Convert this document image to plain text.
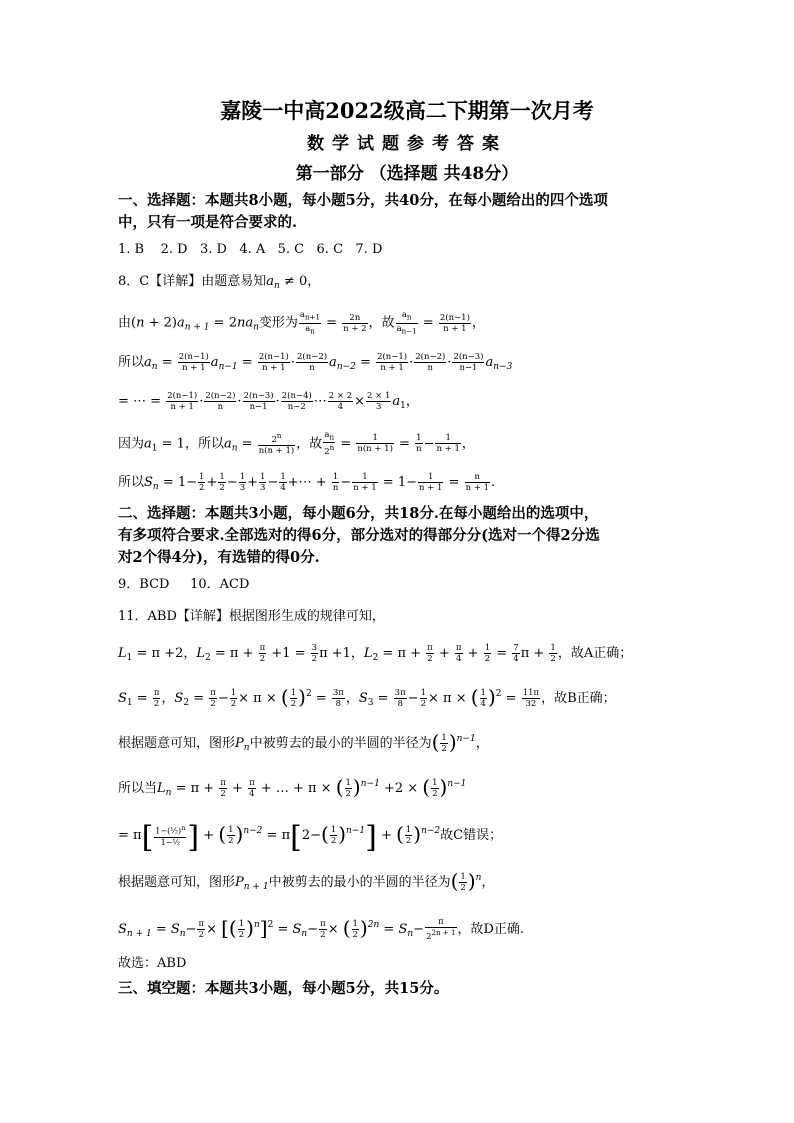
嘉陵一中高2022级高二下期第一次月考

数学试题参考答案

第一部分 （选择题 共48分）

一、选择题：本题共8小题，每小题5分，共40分，在每小题给出的四个选项

中，只有一项是符合要求的.

1. B    2. D   3. D   4. A   5. C   6. C   7. D

8．C【详解】由题意易知$a_n \ne 0$，

由$(n + 2)a_{n + 1} = 2na_n$变形为 $\frac{a_{n+1}}{a_n} = \frac{2n}{n + 2}$ ，故 $\frac{a_n}{a_{n-1}} = \frac{2(n-1)}{n + 1}$ ，

所以$a_n = \frac{2(n-1)}{n + 1} a_{n-1} = \frac{2(n-1)}{n + 1} \cdot \frac{2(n-2)}{n} a_{n-2} = \frac{2(n-1)}{n + 1} \cdot \frac{2(n-2)}{n} \cdot \frac{2(n-3)}{n-1} a_{n-3}$

= ⋯ = $\frac{2(n-1)}{n + 1} \cdot \frac{2(n-2)}{n} \cdot \frac{2(n-3)}{n-1} \cdot \frac{2(n-4)}{n-2}$ ⋯ $\frac{2 \times 2}{4} \times \frac{2 \times 1}{3} a_1$，

因为$a_1 = 1$，所以$a_n = \frac{2^n}{n(n + 1)}$ ，故 $\frac{a_n}{2^n} = \frac{1}{n(n + 1)} = \frac{1}{n} - \frac{1}{n + 1}$ ，

所以$S_n = 1- \frac{1}{2} + \frac{1}{2} - \frac{1}{3} + \frac{1}{3} - \frac{1}{4}$ +⋯ + $\frac{1}{n} - \frac{1}{n + 1} = 1- \frac{1}{n + 1} = \frac{n}{n + 1}$ .

二、选择题：本题共3小题，每小题6分，共18分.在每小题给出的选项中，

有多项符合要求.全部选对的得6分，部分选对的得部分分(选对一个得2分选

对2个得4分)，有选错的得0分.

9．BCD     10．ACD

11．ABD【详解】根据图形生成的规律可知，

$L_1 = \pi +2$，$L_2 = \pi + \frac{\pi}{2} +1 = \frac{3}{2}$ π +1，$L_2 = \pi + \frac{\pi}{2} + \frac{\pi}{4} + \frac{1}{2} = \frac{7}{4}$ $\pi + \frac{1}{2}$ ，故A正确；

$S_1 = \frac{\pi}{2}$ ，$S_2 = \frac{\pi}{2} - \frac{1}{2} \times \pi$ × ( $\frac{1}{2} )^2 = \frac{3\pi}{8}$ ，$S_3 = \frac{3\pi}{8} - \frac{1}{2} \times \pi$ × ( $\frac{1}{4} )^2 = \frac{11\pi}{32}$ ，故B正确；

根据题意可知，图形$P_n$中被剪去的最小的半圆的半径为( $\frac{1}{2} )^{n-1}$，

所以当$L_n = \pi + \frac{\pi}{2} + \frac{\pi}{4}$ + … + π × ( $\frac{1}{2} )^{n-1} +2$ × ( $\frac{1}{2} )^{n-1}$

= $\pi[ \frac{1-(\frac{1}{2})^n}{\text{1−½}}$ ] + ( $\frac{1}{2} )^{n-2} = \pi[2-( \frac{1}{2} )^{n-1}]$ + ( $\frac{1}{2} )^{n-2}$故C错误；

根据题意可知，图形$P_{n + 1}$中被剪去的最小的半圆的半径为( $\frac{1}{2} )^n$，

$S_{n + 1} = S_n- \frac{\pi}{2}$ × [( $\frac{1}{2} )^n]^2 = S_n- \frac{\pi}{2}$ × ( $\frac{1}{2} )^{2n} = S_n- \frac{\pi}{2^{2n + 1}}$ ，故D正确.

故选：ABD

三、填空题：本题共3小题，每小题5分，共15分。
